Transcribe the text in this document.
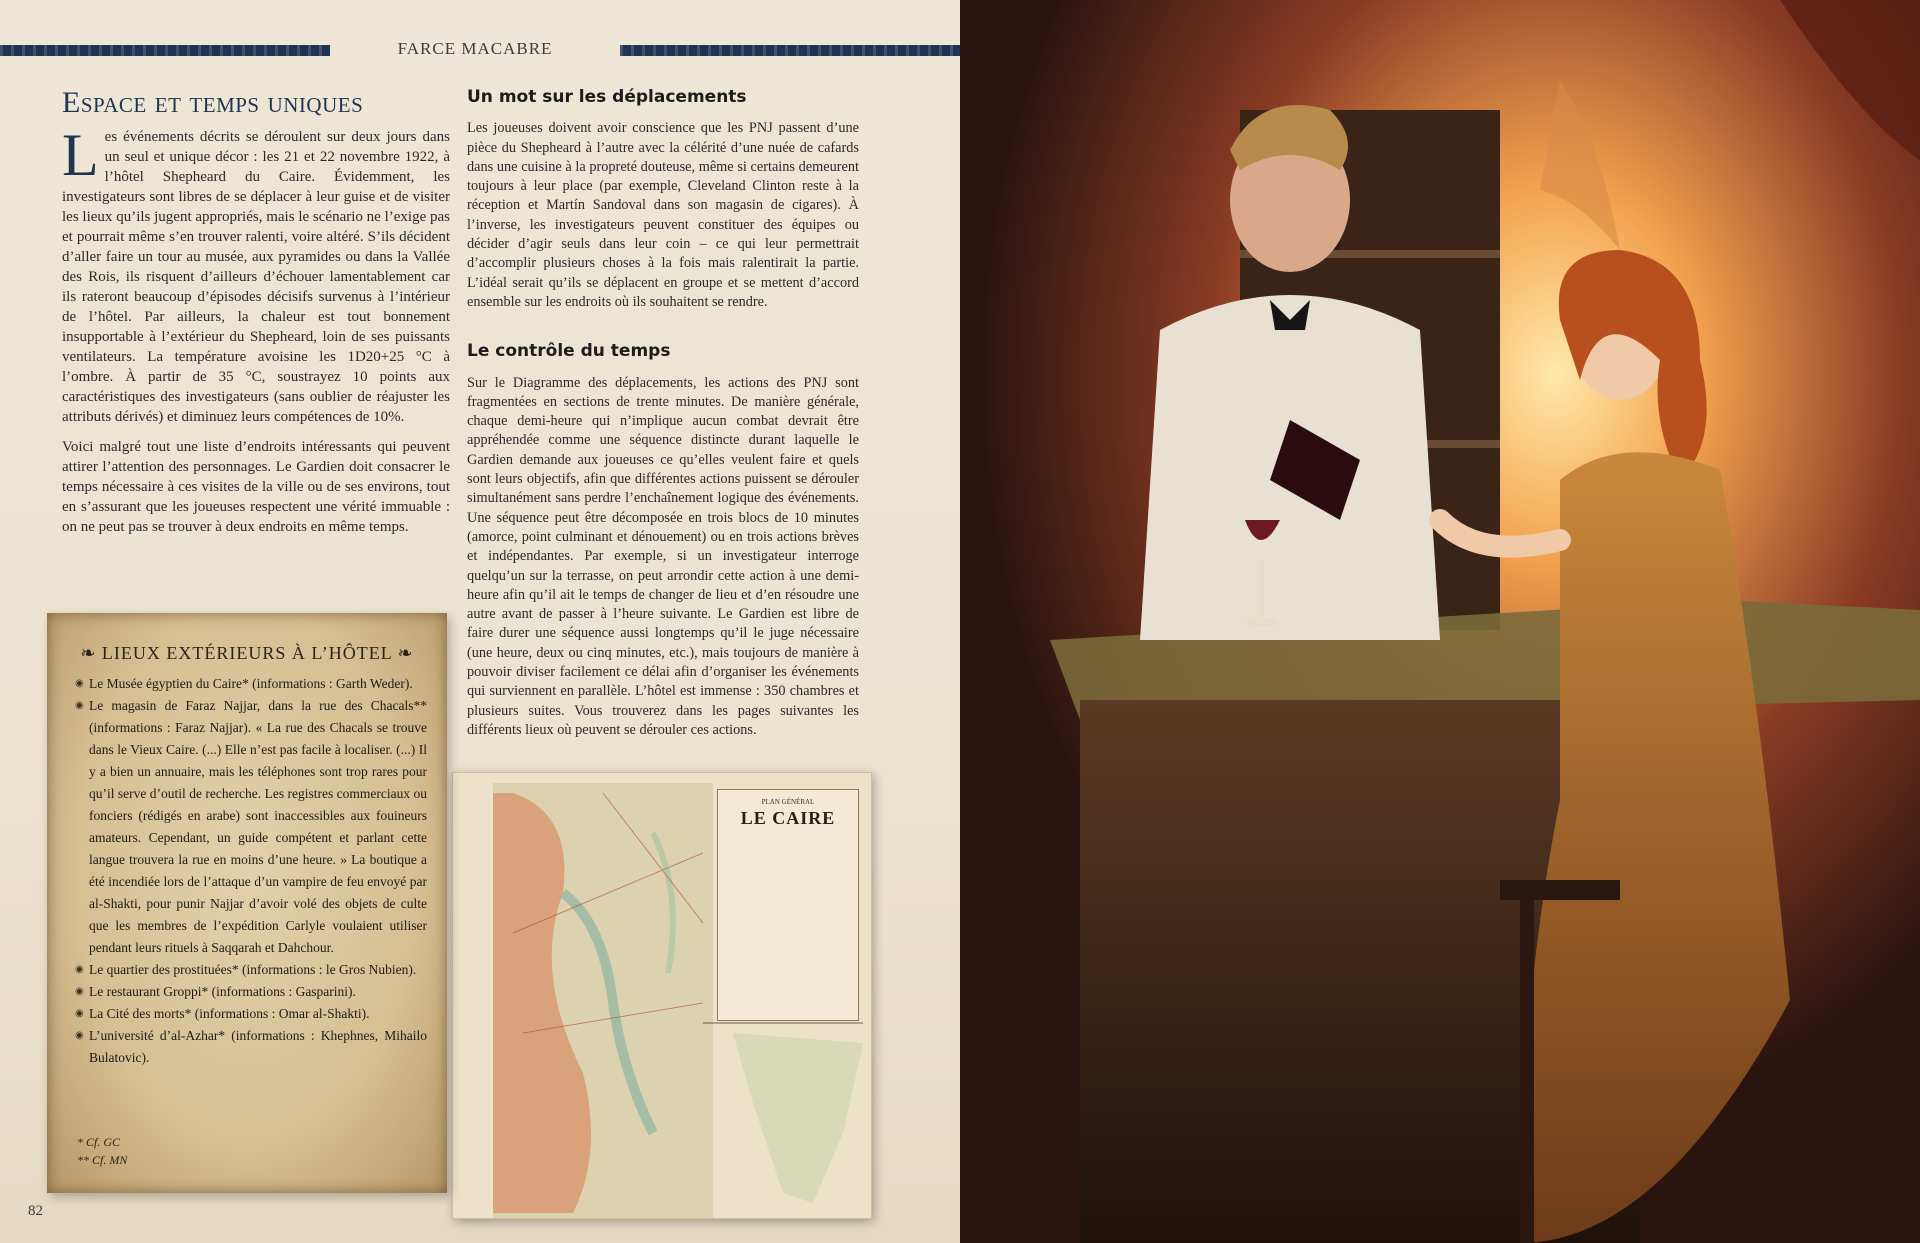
FARCE MACABRE
Espace et temps uniques

L es événements décrits se déroulent sur deux jours dans un seul et unique décor : les 21 et 22 novembre 1922, à l’hôtel Shepheard du Caire. Évidemment, les investigateurs sont libres de se déplacer à leur guise et de visiter les lieux qu’ils jugent appropriés, mais le scénario ne l’exige pas et pourrait même s’en trouver ralenti, voire altéré. S’ils décident d’aller faire un tour au musée, aux pyramides ou dans la Vallée des Rois, ils risquent d’ailleurs d’échouer lamentablement car ils rateront beaucoup d’épisodes décisifs survenus à l’intérieur de l’hôtel. Par ailleurs, la chaleur est tout bonnement insupportable à l’extérieur du Shepheard, loin de ses puissants ventilateurs. La température avoisine les 1D20+25 °C à l’ombre. À partir de 35 °C, soustrayez 10 points aux caractéristiques des investigateurs (sans oublier de réajuster les attributs dérivés) et diminuez leurs compétences de 10%.

Voici malgré tout une liste d’endroits intéressants qui peuvent attirer l’attention des personnages. Le Gardien doit consacrer le temps nécessaire à ces visites de la ville ou de ses environs, tout en s’assurant que les joueuses respectent une vérité immuable : on ne peut pas se trouver à deux endroits en même temps.

Un mot sur les déplacements

Les joueuses doivent avoir conscience que les PNJ passent d’une pièce du Shepheard à l’autre avec la célérité d’une nuée de cafards dans une cuisine à la propreté douteuse, même si certains demeurent toujours à leur place (par exemple, Cleveland Clinton reste à la réception et Martín Sandoval dans son magasin de cigares). À l’inverse, les investigateurs peuvent constituer des équipes ou décider d’agir seuls dans leur coin – ce qui leur permettrait d’accomplir plusieurs choses à la fois mais ralentirait la partie. L’idéal serait qu’ils se déplacent en groupe et se mettent d’accord ensemble sur les endroits où ils souhaitent se rendre.

Le contrôle du temps

Sur le Diagramme des déplacements, les actions des PNJ sont fragmentées en sections de trente minutes. De manière générale, chaque demi-heure qui n’implique aucun combat devrait être appréhendée comme une séquence distincte durant laquelle le Gardien demande aux joueuses ce qu’elles veulent faire et quels sont leurs objectifs, afin que différentes actions puissent se dérouler simultanément sans perdre l’enchaînement logique des événements. Une séquence peut être décomposée en trois blocs de 10 minutes (amorce, point culminant et dénouement) ou en trois actions brèves et indépendantes. Par exemple, si un investigateur interroge quelqu’un sur la terrasse, on peut arrondir cette action à une demi-heure afin qu’il ait le temps de changer de lieu et d’en résoudre une autre avant de passer à l’heure suivante. Le Gardien est libre de faire durer une séquence aussi longtemps qu’il le juge nécessaire (une heure, deux ou cinq minutes, etc.), mais toujours de manière à pouvoir diviser facilement ce délai afin d’organiser les événements qui surviennent en parallèle. L’hôtel est immense : 350 chambres et plusieurs suites. Vous trouverez dans les pages suivantes les différents lieux où peuvent se dérouler ces actions.

PLAN GÉNÉRAL
LE CAIRE
❧ LIEUX EXTÉRIEURS À L’HÔTEL ❧
◉ Le Musée égyptien du Caire* (informations : Garth Weder).
◉ Le magasin de Faraz Najjar, dans la rue des Chacals** (informations : Faraz Najjar). « La rue des Chacals se trouve dans le Vieux Caire. (...) Elle n’est pas facile à localiser. (...) Il y a bien un annuaire, mais les téléphones sont trop rares pour qu’il serve d’outil de recherche. Les registres commerciaux ou fonciers (rédigés en arabe) sont inaccessibles aux fouineurs amateurs. Cependant, un guide compétent et parlant cette langue trouvera la rue en moins d’une heure. » La boutique a été incendiée lors de l’attaque d’un vampire de feu envoyé par al-Shakti, pour punir Najjar d’avoir volé des objets de culte que les membres de l’expédition Carlyle voulaient utiliser pendant leurs rituels à Saqqarah et Dahchour.
◉ Le quartier des prostituées* (informations : le Gros Nubien).
◉ Le restaurant Groppi* (informations : Gasparini).
◉ La Cité des morts* (informations : Omar al-Shakti).
◉ L’université d’al-Azhar* (informations : Khephnes, Mihailo Bulatovic).
* Cf. GC
** Cf. MN
82
